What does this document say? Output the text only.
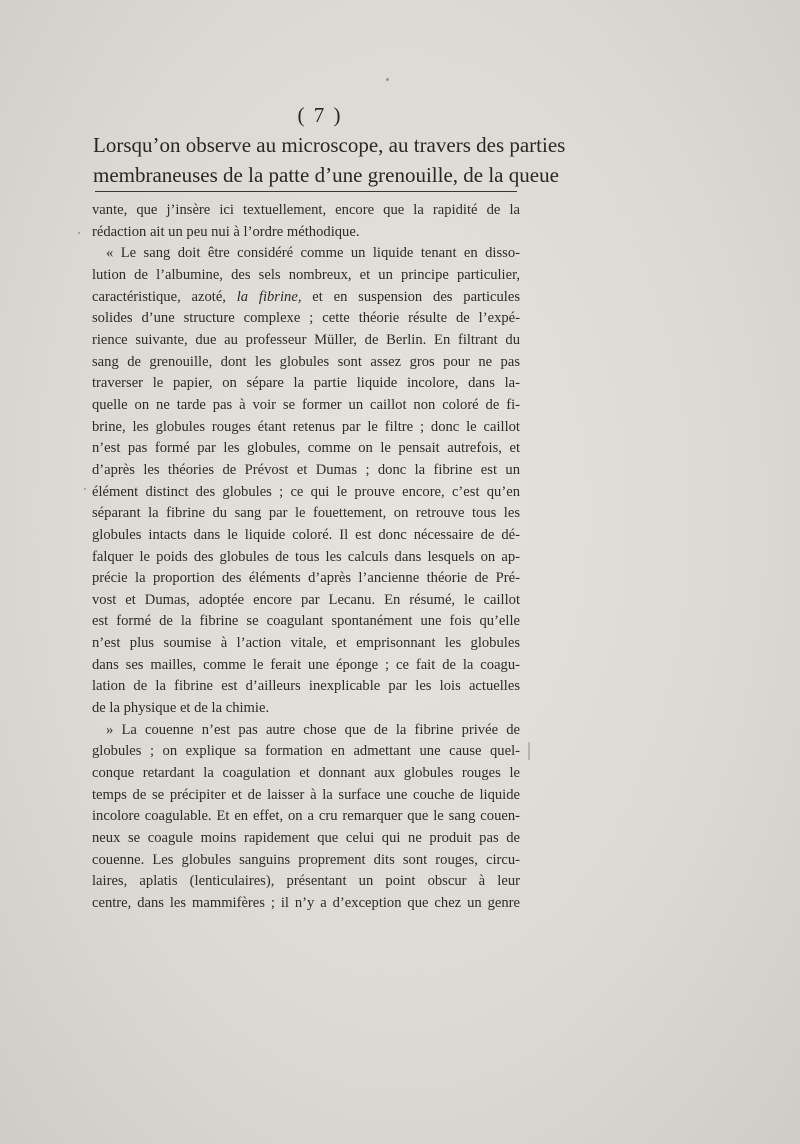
( 7 )
Lorsqu’on observe au microscope, au travers des parties
membraneuses de la patte d’une grenouille, de la queue
vante, que j’insère ici textuellement, encore que la rapidité de la
rédaction ait un peu nui à l’ordre méthodique.
« Le sang doit être considéré comme un liquide tenant en disso-
lution de l’albumine, des sels nombreux, et un principe particulier,
caractéristique, azoté, la fibrine, et en suspension des particules
solides d’une structure complexe ; cette théorie résulte de l’expé-
rience suivante, due au professeur Müller, de Berlin. En filtrant du
sang de grenouille, dont les globules sont assez gros pour ne pas
traverser le papier, on sépare la partie liquide incolore, dans la-
quelle on ne tarde pas à voir se former un caillot non coloré de fi-
brine, les globules rouges étant retenus par le filtre ; donc le caillot
n’est pas formé par les globules, comme on le pensait autrefois, et
d’après les théories de Prévost et Dumas ; donc la fibrine est un
élément distinct des globules ; ce qui le prouve encore, c’est qu’en
séparant la fibrine du sang par le fouettement, on retrouve tous les
globules intacts dans le liquide coloré. Il est donc nécessaire de dé-
falquer le poids des globules de tous les calculs dans lesquels on ap-
précie la proportion des éléments d’après l’ancienne théorie de Pré-
vost et Dumas, adoptée encore par Lecanu. En résumé, le caillot
est formé de la fibrine se coagulant spontanément une fois qu’elle
n’est plus soumise à l’action vitale, et emprisonnant les globules
dans ses mailles, comme le ferait une éponge ; ce fait de la coagu-
lation de la fibrine est d’ailleurs inexplicable par les lois actuelles
de la physique et de la chimie.
» La couenne n’est pas autre chose que de la fibrine privée de
globules ; on explique sa formation en admettant une cause quel-
conque retardant la coagulation et donnant aux globules rouges le
temps de se précipiter et de laisser à la surface une couche de liquide
incolore coagulable. Et en effet, on a cru remarquer que le sang couen-
neux se coagule moins rapidement que celui qui ne produit pas de
couenne. Les globules sanguins proprement dits sont rouges, circu-
laires, aplatis (lenticulaires), présentant un point obscur à leur
centre, dans les mammifères ; il n’y a d’exception que chez un genre
